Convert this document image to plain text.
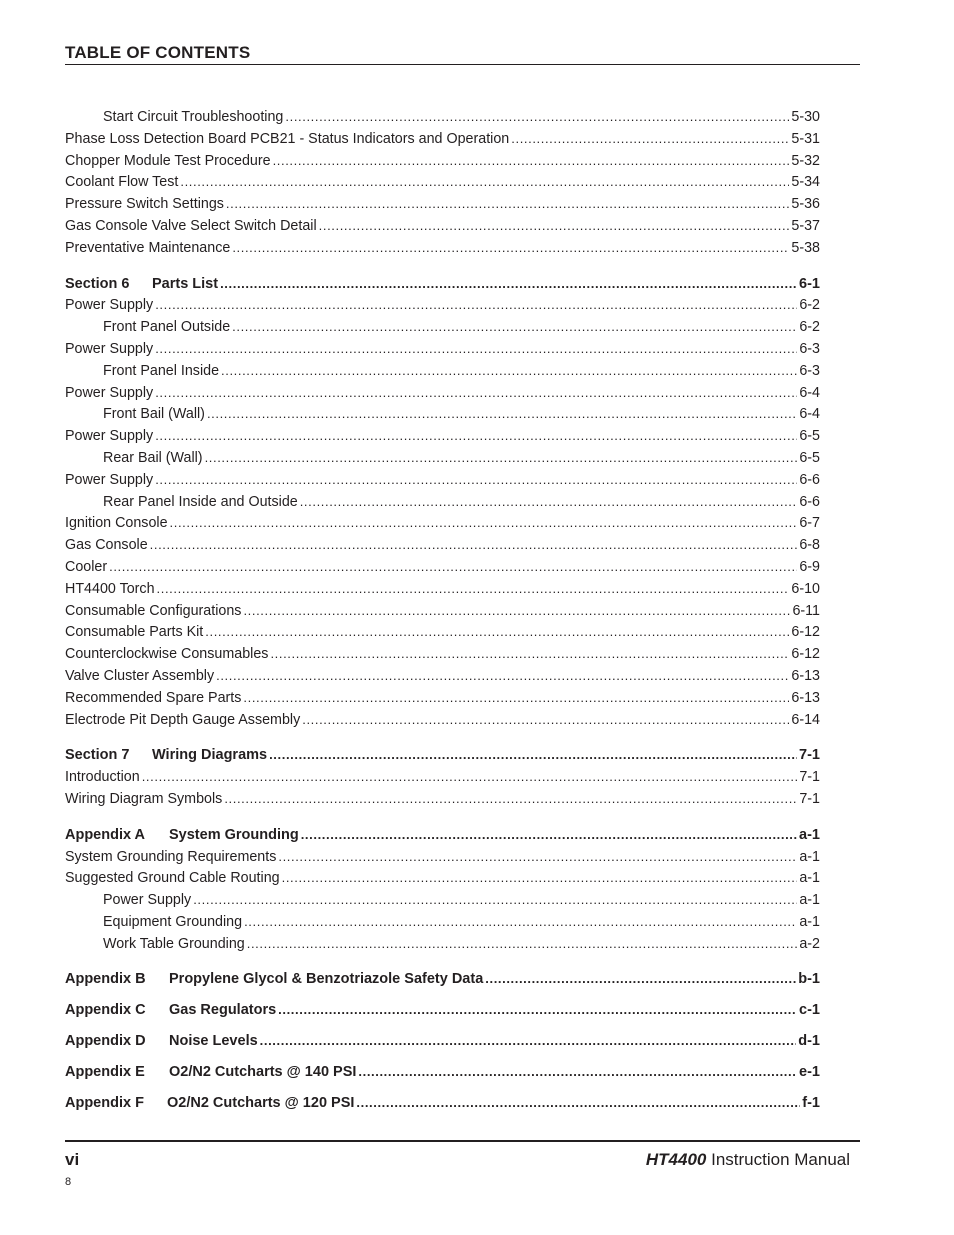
TABLE OF CONTENTS
Start Circuit Troubleshooting .....	5-30
Phase Loss Detection Board PCB21 - Status Indicators and Operation .....	5-31
Chopper Module Test Procedure .....	5-32
Coolant Flow Test .....	5-34
Pressure Switch Settings .....	5-36
Gas Console Valve Select Switch Detail .....	5-37
Preventative Maintenance .....	5-38
Section 6 Parts List .....	6-1
Power Supply .....	6-2
Front Panel Outside .....	6-2
Power Supply .....	6-3
Front Panel Inside .....	6-3
Power Supply .....	6-4
Front Bail (Wall) .....	6-4
Power Supply .....	6-5
Rear Bail (Wall) .....	6-5
Power Supply .....	6-6
Rear Panel Inside and Outside .....	6-6
Ignition Console .....	6-7
Gas Console .....	6-8
Cooler .....	6-9
HT4400 Torch .....	6-10
Consumable Configurations .....	6-11
Consumable Parts Kit .....	6-12
Counterclockwise Consumables .....	6-12
Valve Cluster Assembly .....	6-13
Recommended Spare Parts .....	6-13
Electrode Pit Depth Gauge Assembly .....	6-14
Section 7 Wiring Diagrams .....	7-1
Introduction .....	7-1
Wiring Diagram Symbols .....	7-1
Appendix A System Grounding .....	a-1
System Grounding Requirements .....	a-1
Suggested Ground Cable Routing .....	a-1
Power Supply .....	a-1
Equipment Grounding .....	a-1
Work Table Grounding .....	a-2
Appendix B Propylene Glycol & Benzotriazole Safety Data .....	b-1
Appendix C Gas Regulators .....	c-1
Appendix D Noise Levels .....	d-1
Appendix E O2/N2 Cutcharts @ 140 PSI .....	e-1
Appendix F O2/N2 Cutcharts @ 120 PSI .....	f-1
vi	HT4400 Instruction Manual
8
